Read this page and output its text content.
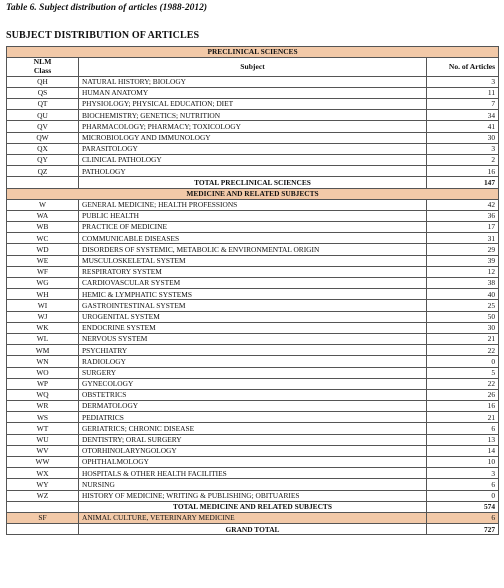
Table 6. Subject distribution of articles (1988-2012)
SUBJECT DISTRIBUTION OF ARTICLES
PRECLINICAL SCIENCES		
NLM
Class	Subject	No. of Articles
QH	NATURAL HISTORY; BIOLOGY	3
QS	HUMAN ANATOMY	11
QT	PHYSIOLOGY; PHYSICAL EDUCATION; DIET	7
QU	BIOCHEMISTRY; GENETICS; NUTRITION	34
QV	PHARMACOLOGY; PHARMACY; TOXICOLOGY	41
QW	MICROBIOLOGY AND IMMUNOLOGY	30
QX	PARASITOLOGY	3
QY	CLINICAL PATHOLOGY	2
QZ	PATHOLOGY	16
	TOTAL PRECLINICAL SCIENCES	147
MEDICINE AND RELATED SUBJECTS		
W	GENERAL MEDICINE; HEALTH PROFESSIONS	42
WA	PUBLIC HEALTH	36
WB	PRACTICE OF MEDICINE	17
WC	COMMUNICABLE DISEASES	31
WD	DISORDERS OF SYSTEMIC, METABOLIC & ENVIRONMENTAL ORIGIN	29
WE	MUSCULOSKELETAL SYSTEM	39
WF	RESPIRATORY SYSTEM	12
WG	CARDIOVASCULAR SYSTEM	38
WH	HEMIC & LYMPHATIC SYSTEMS	40
WI	GASTROINTESTINAL SYSTEM	25
WJ	UROGENITAL SYSTEM	50
WK	ENDOCRINE SYSTEM	30
WL	NERVOUS SYSTEM	21
WM	PSYCHIATRY	22
WN	RADIOLOGY	0
WO	SURGERY	5
WP	GYNECOLOGY	22
WQ	OBSTETRICS	26
WR	DERMATOLOGY	16
WS	PEDIATRICS	21
WT	GERIATRICS; CHRONIC DISEASE	6
WU	DENTISTRY; ORAL SURGERY	13
WV	OTORHINOLARYNGOLOGY	14
WW	OPHTHALMOLOGY	10
WX	HOSPITALS & OTHER HEALTH FACILITIES	3
WY	NURSING	6
WZ	HISTORY OF MEDICINE; WRITING & PUBLISHING; OBITUARIES	0
	TOTAL MEDICINE AND RELATED SUBJECTS	574
SF	ANIMAL CULTURE, VETERINARY MEDICINE	6
	GRAND TOTAL	727
